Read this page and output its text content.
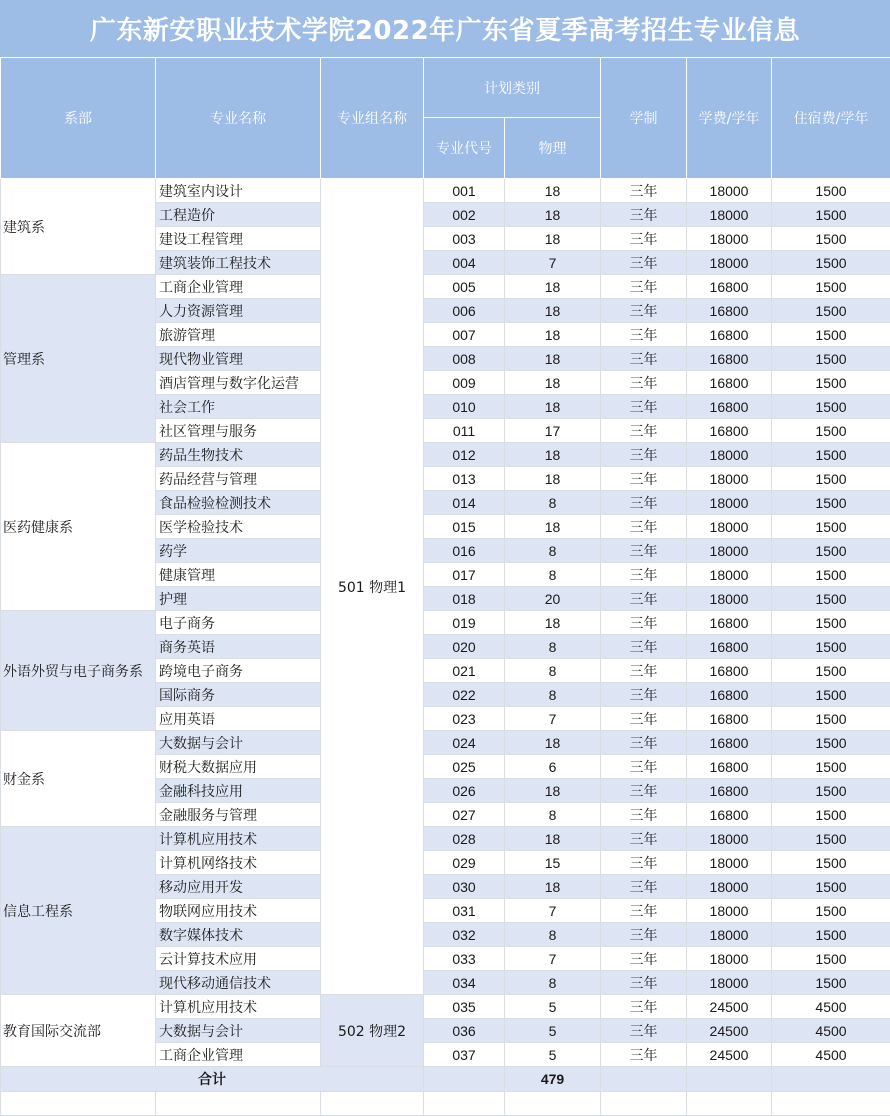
广东新安职业技术学院2022年广东省夏季高考招生专业信息
系部	专业名称	专业组名称	计划类别		学制	学费/学年	住宿费/学年
			专业代号	物理			
建筑系	建筑室内设计	501 物理1	001	18	三年	18000	1500
	工程造价		002	18	三年	18000	1500
	建设工程管理		003	18	三年	18000	1500
	建筑装饰工程技术		004	7	三年	18000	1500
管理系	工商企业管理		005	18	三年	16800	1500
	人力资源管理		006	18	三年	16800	1500
	旅游管理		007	18	三年	16800	1500
	现代物业管理		008	18	三年	16800	1500
	酒店管理与数字化运营		009	18	三年	16800	1500
	社会工作		010	18	三年	16800	1500
	社区管理与服务		011	17	三年	16800	1500
医药健康系	药品生物技术		012	18	三年	18000	1500
	药品经营与管理		013	18	三年	18000	1500
	食品检验检测技术		014	8	三年	18000	1500
	医学检验技术		015	18	三年	18000	1500
	药学		016	8	三年	18000	1500
	健康管理		017	8	三年	18000	1500
	护理		018	20	三年	18000	1500
外语外贸与电子商务系	电子商务		019	18	三年	16800	1500
	商务英语		020	8	三年	16800	1500
	跨境电子商务		021	8	三年	16800	1500
	国际商务		022	8	三年	16800	1500
	应用英语		023	7	三年	16800	1500
财金系	大数据与会计		024	18	三年	16800	1500
	财税大数据应用		025	6	三年	16800	1500
	金融科技应用		026	18	三年	16800	1500
	金融服务与管理		027	8	三年	16800	1500
信息工程系	计算机应用技术		028	18	三年	18000	1500
	计算机网络技术		029	15	三年	18000	1500
	移动应用开发		030	18	三年	18000	1500
	物联网应用技术		031	7	三年	18000	1500
	数字媒体技术		032	8	三年	18000	1500
	云计算技术应用		033	7	三年	18000	1500
	现代移动通信技术		034	8	三年	18000	1500
教育国际交流部	计算机应用技术	502 物理2	035	5	三年	24500	4500
	大数据与会计		036	5	三年	24500	4500
	工商企业管理		037	5	三年	24500	4500
合计				479			
